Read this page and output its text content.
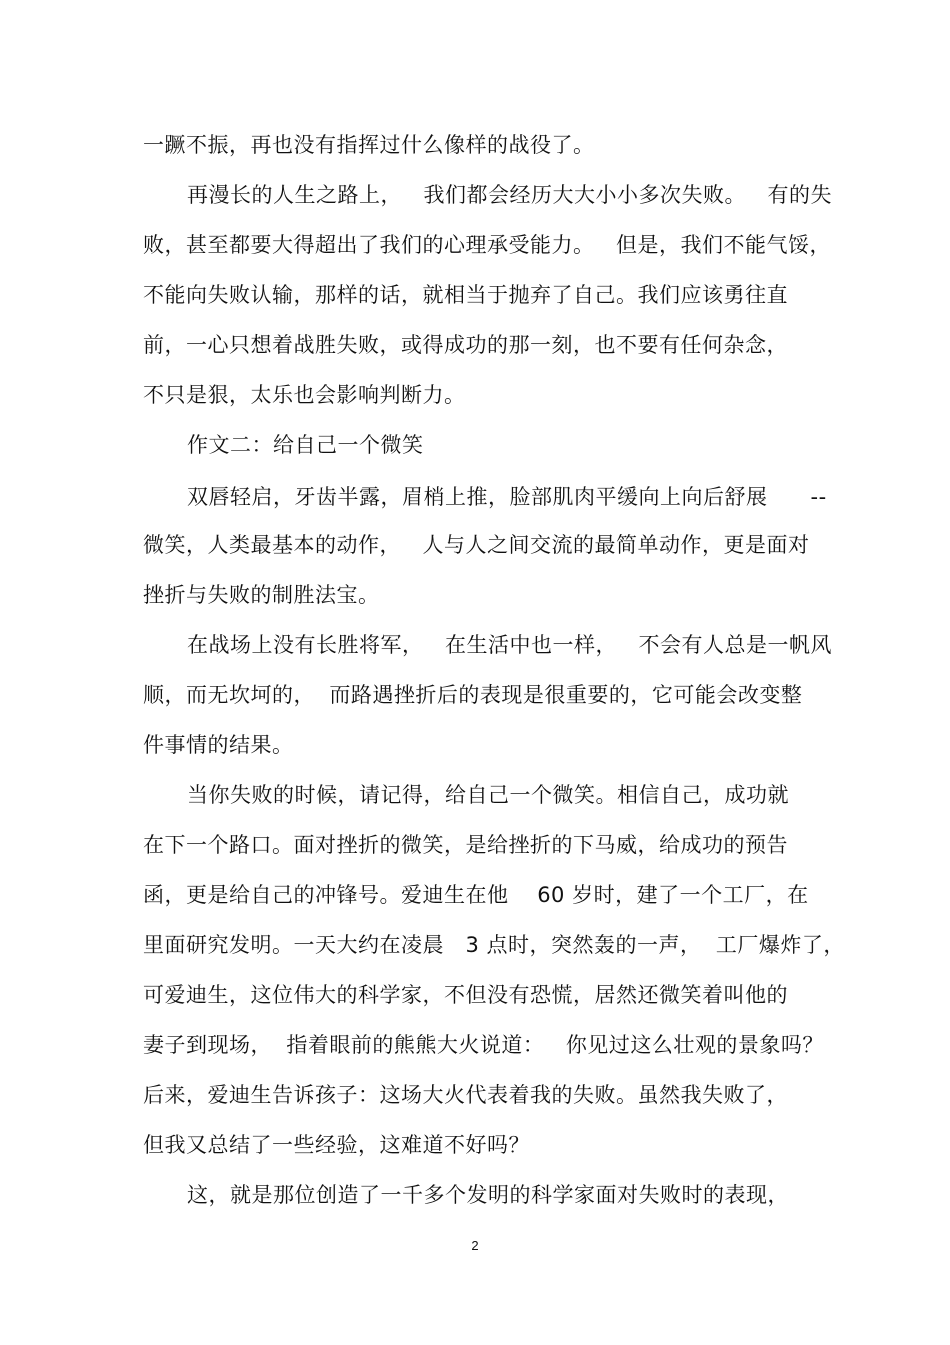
一蹶不振，再也没有指挥过什么像样的战役了。
再漫长的人生之路上，   我们都会经历大大小小多次失败。   有的失
败，甚至都要大得超出了我们的心理承受能力。   但是，我们不能气馁，
不能向失败认输，那样的话，就相当于抛弃了自己。我们应该勇往直
前，一心只想着战胜失败，或得成功的那一刻，也不要有任何杂念，
不只是狠，太乐也会影响判断力。
作文二：给自己一个微笑
双唇轻启，牙齿半露，眉梢上推，脸部肌肉平缓向上向后舒展      --
微笑，人类最基本的动作，   人与人之间交流的最简单动作，更是面对
挫折与失败的制胜法宝。
在战场上没有长胜将军，   在生活中也一样，   不会有人总是一帆风
顺，而无坎坷的，  而路遇挫折后的表现是很重要的，它可能会改变整
件事情的结果。
当你失败的时候，请记得，给自己一个微笑。相信自己，成功就
在下一个路口。面对挫折的微笑，是给挫折的下马威，给成功的预告
函，更是给自己的冲锋号。爱迪生在他    60 岁时，建了一个工厂，在
里面研究发明。一天大约在凌晨   3 点时，突然轰的一声，  工厂爆炸了，
可爱迪生，这位伟大的科学家，不但没有恐慌，居然还微笑着叫他的
妻子到现场，  指着眼前的熊熊大火说道：   你见过这么壮观的景象吗？
后来，爱迪生告诉孩子：这场大火代表着我的失败。虽然我失败了，
但我又总结了一些经验，这难道不好吗？
这，就是那位创造了一千多个发明的科学家面对失败时的表现，
2
